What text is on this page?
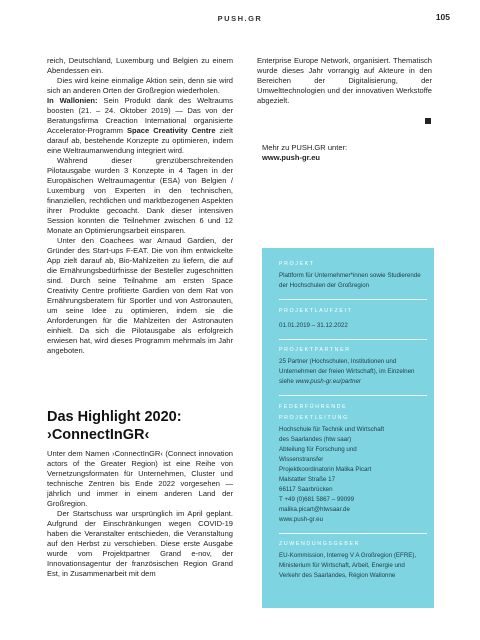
PUSH.GR	105

reich, Deutschland, Luxemburg und Belgien zu einem Abendessen ein.

Dies wird keine einmalige Aktion sein, denn sie wird sich an anderen Orten der Großregion wiederholen.

In Wallonien: Sein Produkt dank des Weltraums boosten (21. – 24. Oktober 2019) — Das von der Beratungsfirma Creaction International organisierte Accelerator-Programm Space Creativity Centre zielt darauf ab, bestehende Konzepte zu optimieren, indem eine Weltraumanwendung integriert wird.

Während dieser grenzüberschreitenden Pilotausgabe wurden 3 Konzepte in 4 Tagen in der Europäischen Weltraumagentur (ESA) von Belgien / Luxemburg von Experten in den technischen, finanziellen, rechtlichen und marktbezogenen Aspekten ihrer Produkte gecoacht. Dank dieser intensiven Session konnten die Teilnehmer zwischen 6 und 12 Monate an Optimierungsarbeit einsparen.

Unter den Coachees war Arnaud Gardien, der Gründer des Start-ups F-EAT. Die von ihm entwickelte App zielt darauf ab, Bio-Mahlzeiten zu liefern, die auf die Ernährungsbedürfnisse der Besteller zugeschnitten sind. Durch seine Teilnahme am ersten Space Creativity Centre profitierte Gardien von dem Rat von Ernährungsberatern für Sportler und von Astronauten, um seine Idee zu optimieren, indem sie die Anforderungen für die Mahlzeiten der Astronauten einhielt. Da sich die Pilotausgabe als erfolgreich erwiesen hat, wird dieses Programm mehrmals im Jahr angeboten.

Das Highlight 2020:
›ConnectInGR‹

Unter dem Namen ›ConnectInGR‹ (Connect innovation actors of the Greater Region) ist eine Reihe von Vernetzungsformaten für Unternehmen, Cluster und technische Zentren bis Ende 2022 vorgesehen — jährlich und immer in einem anderen Land der Großregion.

Der Startschuss war ursprünglich im April geplant. Aufgrund der Einschränkungen wegen COVID-19 haben die Veranstalter entschieden, die Veranstaltung auf den Herbst zu verschieben. Diese erste Ausgabe wurde vom Projektpartner Grand e-nov, der Innovationsagentur der französischen Region Grand Est, in Zusammenarbeit mit dem

Enterprise Europe Network, organisiert. Thematisch wurde dieses Jahr vorrangig auf Akteure in den Bereichen der Digitalisierung, der Umwelttechnologien und der innovativen Werkstoffe abgezielt.

Mehr zu PUSH.GR unter:
www.push-gr.eu
PROJEKT
Plattform für Unternehmer*innen sowie Studierende der Hochschulen der Großregion
PROJEKTLAUFZEIT
01.01.2019 – 31.12.2022
PROJEKTPARTNER
25 Partner (Hochschulen, Institutionen und Unternehmen der freien Wirtschaft), im Einzelnen siehe www.push-gr.eu/partner
FEDERFÜHRENDE
PROJEKTLEITUNG
Hochschule für Technik und Wirtschaft
des Saarlandes (htw saar)
Abteilung für Forschung und
Wissenstransfer
Projektkoordinatorin Malika Picart
Malstatter Straße 17
66117 Saarbrücken
T +49 (0)681 5867 – 99099
malika.picart@htwsaar.de
www.push-gr.eu
ZUWENDUNGSGEBER
EU-Kommission, Interreg V A Großregion (EFRE), Ministerium für Wirtschaft, Arbeit, Energie und Verkehr des Saarlandes, Région Wallonne
